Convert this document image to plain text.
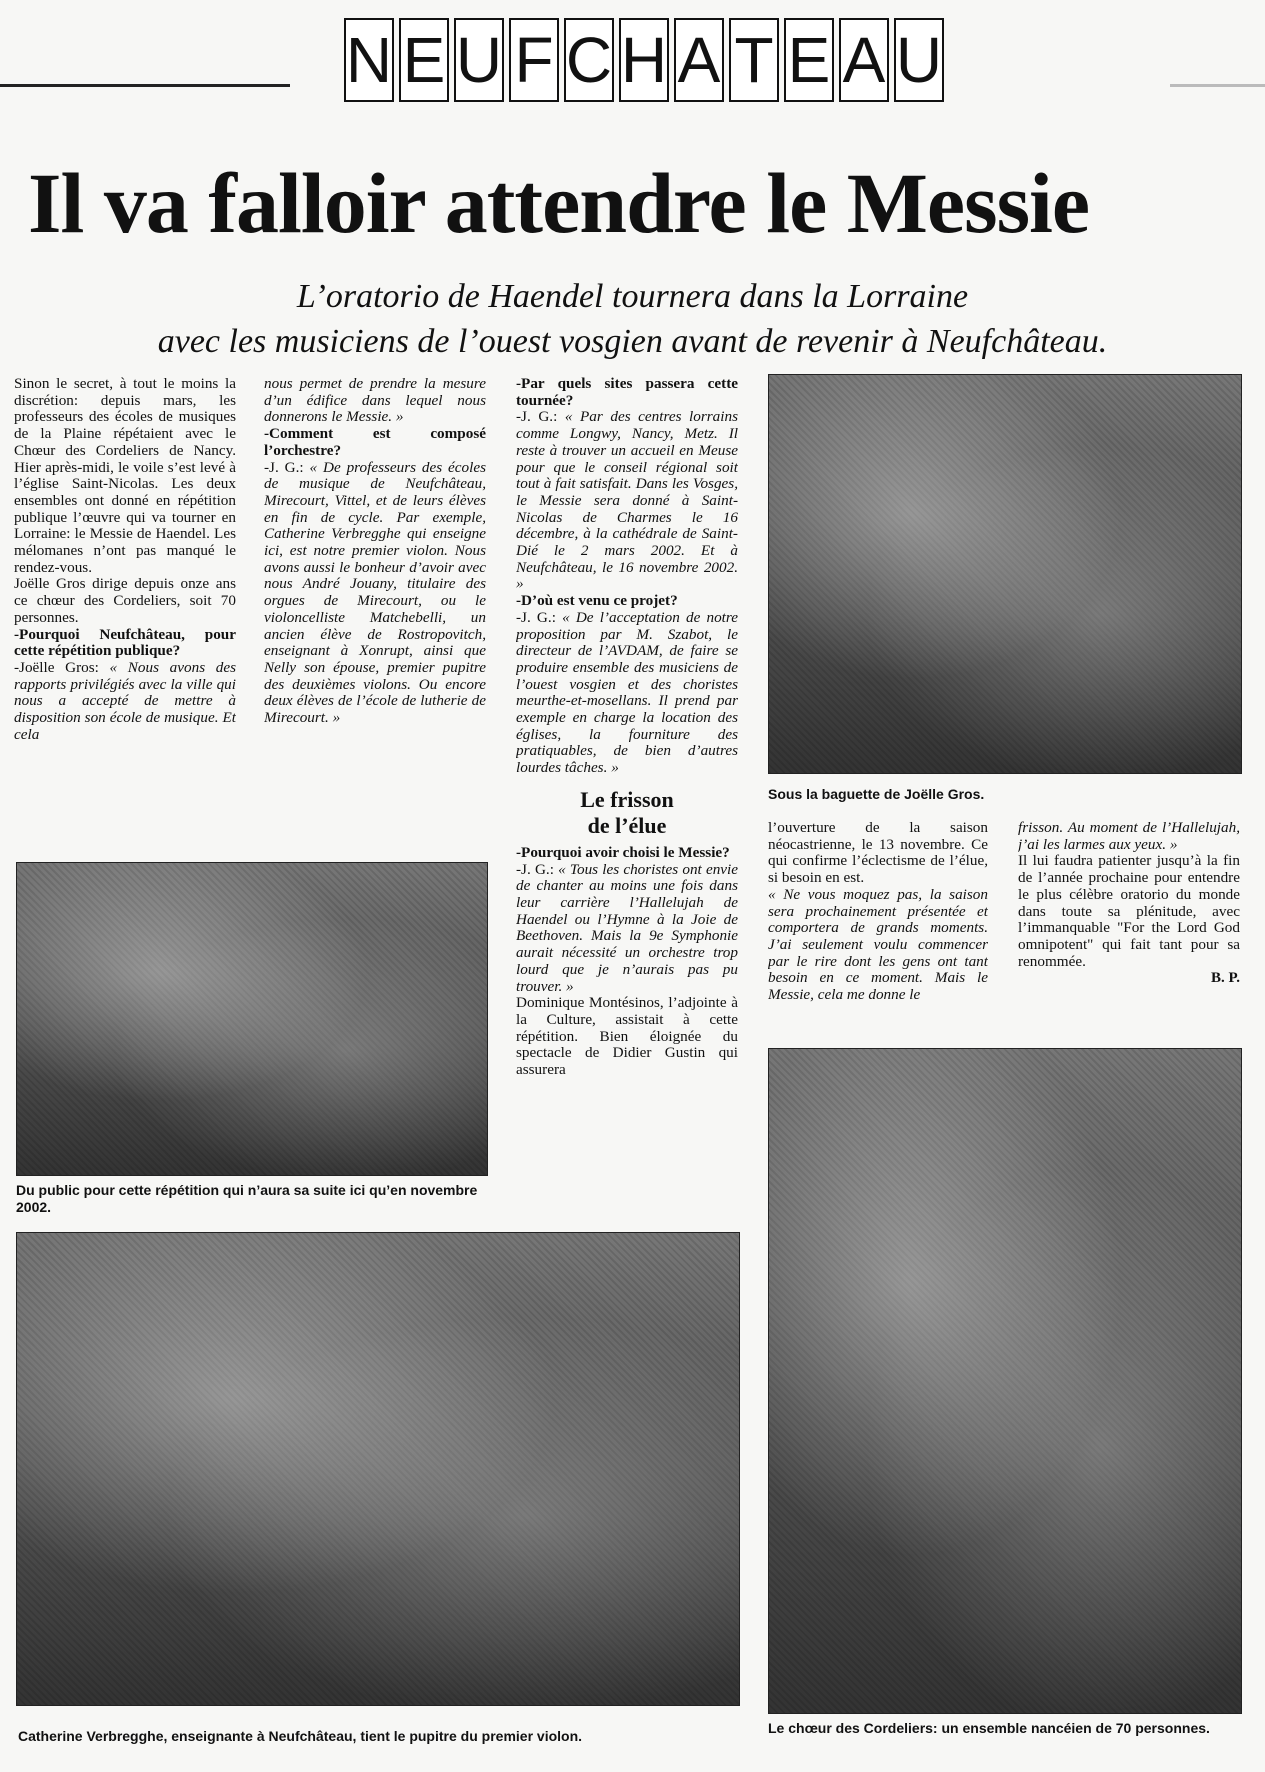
N E U F C H A T E A U
Il va falloir attendre le Messie
L’oratorio de Haendel tournera dans la Lorraine
avec les musiciens de l’ouest vosgien avant de revenir à Neufchâteau.

Sinon le secret, à tout le moins la discrétion: depuis mars, les professeurs des écoles de musiques de la Plaine répétaient avec le Chœur des Cordeliers de Nancy. Hier après-midi, le voile s’est levé à l’église Saint-Nicolas. Les deux ensembles ont donné en répétition publique l’œuvre qui va tourner en Lorraine: le Messie de Haendel. Les mélomanes n’ont pas manqué le rendez-vous.

Joëlle Gros dirige depuis onze ans ce chœur des Cordeliers, soit 70 personnes.

-Pourquoi Neufchâteau, pour cette répétition publique?

-Joëlle Gros: « Nous avons des rapports privilégiés avec la ville qui nous a accepté de mettre à disposition son école de musique. Et cela

nous permet de prendre la mesure d’un édifice dans lequel nous donnerons le Messie. »

-Comment est composé l’orchestre?

-J. G.: « De professeurs des écoles de musique de Neufchâteau, Mirecourt, Vittel, et de leurs élèves en fin de cycle. Par exemple, Catherine Verbregghe qui enseigne ici, est notre premier violon. Nous avons aussi le bonheur d’avoir avec nous André Jouany, titulaire des orgues de Mirecourt, ou le violoncelliste Matchebelli, un ancien élève de Rostropovitch, enseignant à Xonrupt, ainsi que Nelly son épouse, premier pupitre des deuxièmes violons. Ou encore deux élèves de l’école de lutherie de Mirecourt. »

-Par quels sites passera cette tournée?

-J. G.: « Par des centres lorrains comme Longwy, Nancy, Metz. Il reste à trouver un accueil en Meuse pour que le conseil régional soit tout à fait satisfait. Dans les Vosges, le Messie sera donné à Saint-Nicolas de Charmes le 16 décembre, à la cathédrale de Saint-Dié le 2 mars 2002. Et à Neufchâteau, le 16 novembre 2002. »

-D’où est venu ce projet?

-J. G.: « De l’acceptation de notre proposition par M. Szabot, le directeur de l’AVDAM, de faire se produire ensemble des musiciens de l’ouest vosgien et des choristes meurthe-et-mosellans. Il prend par exemple en charge la location des églises, la fourniture des pratiquables, de bien d’autres lourdes tâches. »

Le frisson
de l’élue

-Pourquoi avoir choisi le Messie?

-J. G.: « Tous les choristes ont envie de chanter au moins une fois dans leur carrière l’Hallelujah de Haendel ou l’Hymne à la Joie de Beethoven. Mais la 9e Symphonie aurait nécessité un orchestre trop lourd que je n’aurais pas pu trouver. »

Dominique Montésinos, l’adjointe à la Culture, assistait à cette répétition. Bien éloignée du spectacle de Didier Gustin qui assurera

Sous la baguette de Joëlle Gros.

l’ouverture de la saison néocastrienne, le 13 novembre. Ce qui confirme l’éclectisme de l’élue, si besoin en est.

« Ne vous moquez pas, la saison sera prochainement présentée et comportera de grands moments. J’ai seulement voulu commencer par le rire dont les gens ont tant besoin en ce moment. Mais le Messie, cela me donne le

frisson. Au moment de l’Hallelujah, j’ai les larmes aux yeux. »

Il lui faudra patienter jusqu’à la fin de l’année prochaine pour entendre le plus célèbre oratorio du monde dans toute sa plénitude, avec l’immanquable "For the Lord God omnipotent" qui fait tant pour sa renommée.

B. P.

Du public pour cette répétition qui n’aura sa suite ici qu’en novembre 2002.
Catherine Verbregghe, enseignante à Neufchâteau, tient le pupitre du premier violon.	Le chœur des Cordeliers: un ensemble nancéien de 70 personnes.
